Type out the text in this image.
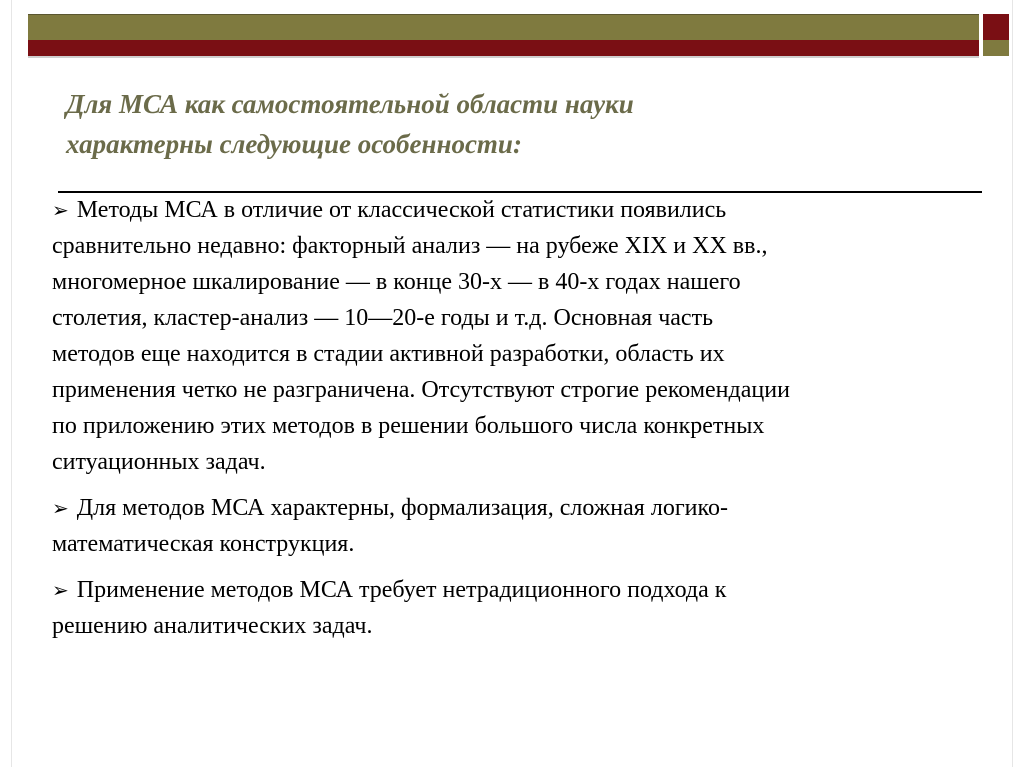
Для МСА как самостоятельной области науки
характерны следующие особенности:
➢ Методы МСА в отличие от классической статистики появились
сравнительно недавно: факторный анализ — на рубеже XIX и XX вв.,
многомерное шкалирование — в конце 30-х — в 40-х годах нашего
столетия, кластер-анализ — 10—20-е годы и т.д. Основная часть
методов еще находится в стадии активной разработки, область их
применения четко не разграничена. Отсутствуют строгие рекомендации
по приложению этих методов в решении большого числа конкретных
ситуационных задач.
➢ Для методов МСА характерны, формализация, сложная логико-
математическая конструкция.
➢ Применение методов МСА требует нетрадиционного подхода к
решению аналитических задач.
